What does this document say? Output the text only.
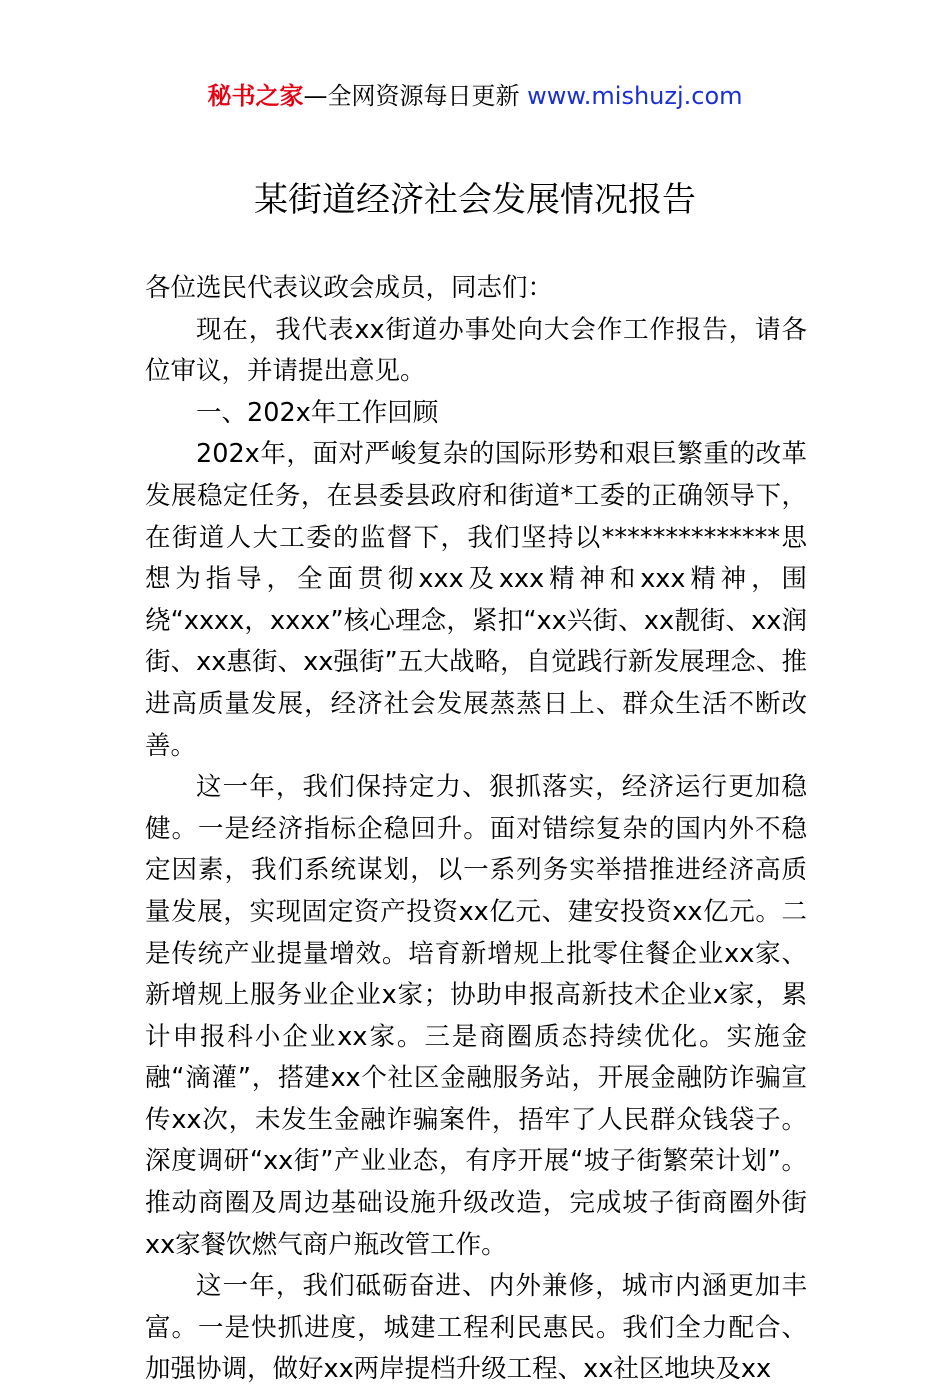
秘书之家—全网资源每日更新 www.mishuzj.com
某街道经济社会发展情况报告

各位选民代表议政会成员，同志们：

现在，我代表xx街道办事处向大会作工作报告，请各位审议，并请提出意见。

一、202x年工作回顾

202x年，面对严峻复杂的国际形势和艰巨繁重的改革发展稳定任务，在县委县政府和街道*工委的正确领导下，在街道人大工委的监督下，我们坚持以**************思想为指导，全面贯彻xxx及xxx精神和xxx精神，围绕“xxxx，xxxx”核心理念，紧扣“xx兴街、xx靓街、xx润街、xx惠街、xx强街”五大战略，自觉践行新发展理念、推进高质量发展，经济社会发展蒸蒸日上、群众生活不断改善。

这一年，我们保持定力、狠抓落实，经济运行更加稳健。一是经济指标企稳回升。面对错综复杂的国内外不稳定因素，我们系统谋划，以一系列务实举措推进经济高质量发展，实现固定资产投资xx亿元、建安投资xx亿元。二是传统产业提量增效。培育新增规上批零住餐企业xx家、新增规上服务业企业x家；协助申报高新技术企业x家，累计申报科小企业xx家。三是商圈质态持续优化。实施金融“滴灌”，搭建xx个社区金融服务站，开展金融防诈骗宣传xx次，未发生金融诈骗案件，捂牢了人民群众钱袋子。深度调研“xx街”产业业态，有序开展“坡子街繁荣计划”。推动商圈及周边基础设施升级改造，完成坡子街商圈外街xx家餐饮燃气商户瓶改管工作。

这一年，我们砥砺奋进、内外兼修，城市内涵更加丰富。一是快抓进度，城建工程利民惠民。我们全力配合、加强协调，做好xx两岸提档升级工程、xx社区地块及xx
